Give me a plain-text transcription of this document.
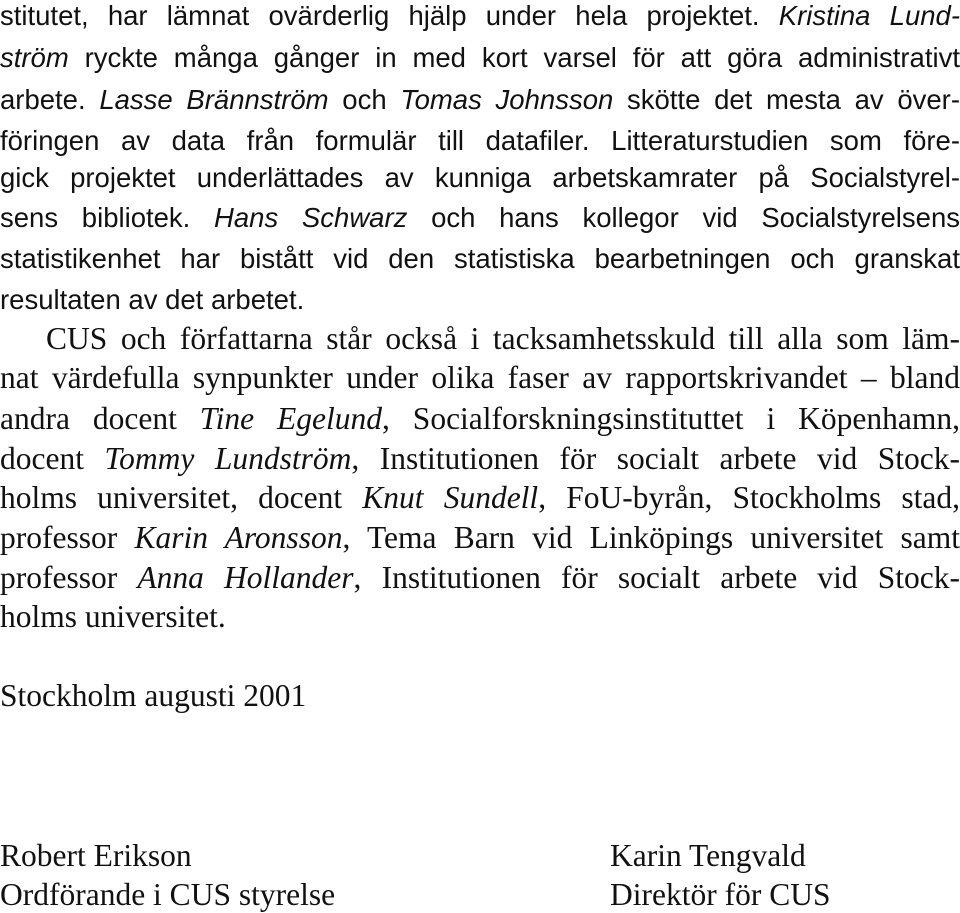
stitutet, har lämnat ovärderlig hjälp under hela projektet. Kristina Lund-
ström ryckte många gånger in med kort varsel för att göra administrativt
arbete. Lasse Brännström och Tomas Johnsson skötte det mesta av över-
föringen av data från formulär till datafiler. Litteraturstudien som före-
gick projektet underlättades av kunniga arbetskamrater på Socialstyrel-
sens bibliotek. Hans Schwarz och hans kollegor vid Socialstyrelsens
statistikenhet har bistått vid den statistiska bearbetningen och granskat
resultaten av det arbetet.
CUS och författarna står också i tacksamhetsskuld till alla som läm-
nat värdefulla synpunkter under olika faser av rapportskrivandet – bland
andra docent Tine Egelund, Socialforskningsinstituttet i Köpenhamn,
docent Tommy Lundström, Institutionen för socialt arbete vid Stock-
holms universitet, docent Knut Sundell, FoU-byrån, Stockholms stad,
professor Karin Aronsson, Tema Barn vid Linköpings universitet samt
professor Anna Hollander, Institutionen för socialt arbete vid Stock-
holms universitet.
Stockholm augusti 2001
Robert Erikson
Ordförande i CUS styrelse
Karin Tengvald
Direktör för CUS
